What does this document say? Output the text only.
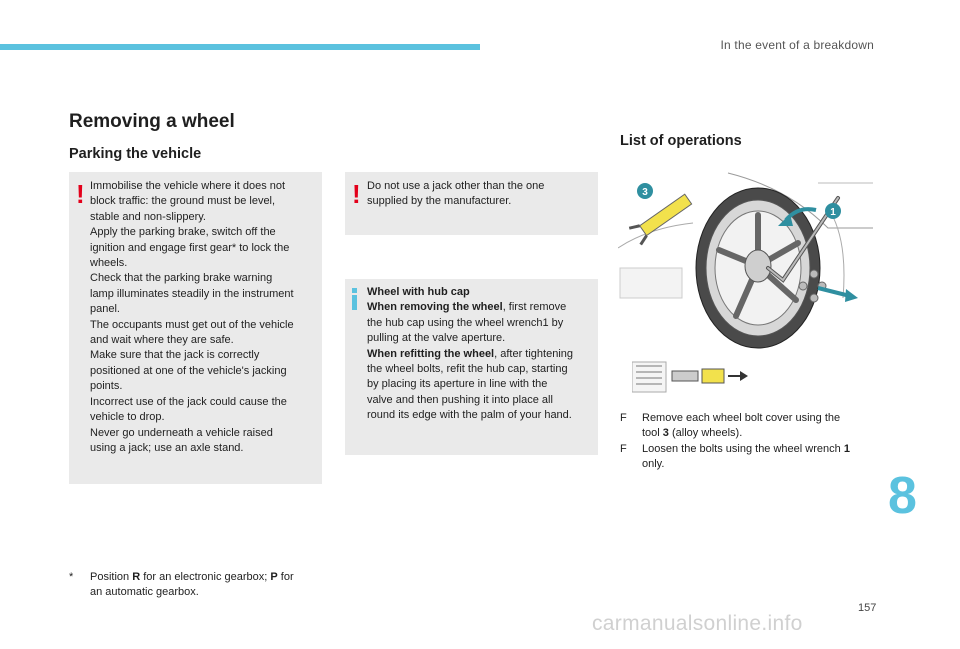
In the event of a breakdown
Removing a wheel
Parking the vehicle
! Immobilise the vehicle where it does not

block traffic: the ground must be level,

stable and non-slippery.

Apply the parking brake, switch off the

ignition and engage first gear* to lock the

wheels.

Check that the parking brake warning

lamp illuminates steadily in the instrument

panel.

The occupants must get out of the vehicle

and wait where they are safe.

Make sure that the jack is correctly

positioned at one of the vehicle's jacking

points.

Incorrect use of the jack could cause the

vehicle to drop.

Never go underneath a vehicle raised

using a jack; use an axle stand.

! Do not use a jack other than the one

supplied by the manufacturer.

Wheel with hub cap

When removing the wheel, first remove

the hub cap using the wheel wrench1 by

pulling at the valve aperture.

When refitting the wheel, after tightening

the wheel bolts, refit the hub cap, starting

by placing its aperture in line with the

valve and then pushing it into place all

round its edge with the palm of your hand.

* Position R for an electronic gearbox; P for
an automatic gearbox.
List of operations
3
1
F Remove each wheel bolt cover using the
tool 3 (alloy wheels).
F Loosen the bolts using the wheel wrench 1
only.
8
157
carmanualsonline.info
